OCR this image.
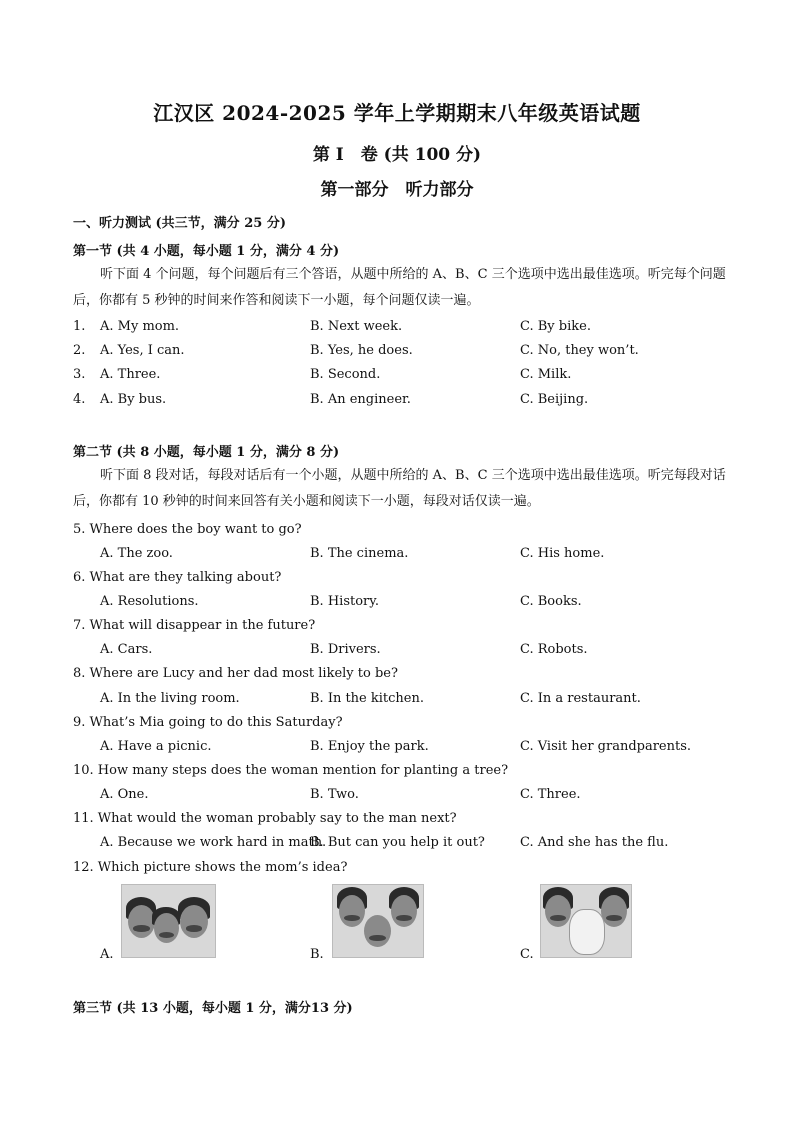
江汉区 2024-2025 学年上学期期末八年级英语试题
第 I　卷 (共 100 分)
第一部分　听力部分
一、听力测试 (共三节，满分 25 分)
第一节 (共 4 小题，每小题 1 分，满分 4 分)
听下面 4 个问题，每个问题后有三个答语，从题中所给的 A、B、C 三个选项中选出最佳选项。听完每个问题后，你都有 5 秒钟的时间来作答和阅读下一小题，每个问题仅读一遍。
1. A. My mom.	B. Next week.	C. By bike.
2. A. Yes, I can.	B. Yes, he does.	C. No, they won’t.
3. A. Three.	B. Second.	C. Milk.
4. A. By bus.	B. An engineer.	C. Beijing.
第二节 (共 8 小题，每小题 1 分，满分 8 分)
听下面 8 段对话，每段对话后有一个小题，从题中所给的 A、B、C 三个选项中选出最佳选项。听完每段对话后，你都有 10 秒钟的时间来回答有关小题和阅读下一小题，每段对话仅读一遍。
5. Where does the boy want to go?
A. The zoo.	B. The cinema.	C. His home.
6. What are they talking about?
A. Resolutions.	B. History.	C. Books.
7. What will disappear in the future?
A. Cars.	B. Drivers.	C. Robots.
8. Where are Lucy and her dad most likely to be?
A. In the living room.	B. In the kitchen.	C. In a restaurant.
9. What’s Mia going to do this Saturday?
A. Have a picnic.	B. Enjoy the park.	C. Visit her grandparents.
10. How many steps does the woman mention for planting a tree?
A. One.	B. Two.	C. Three.
11. What would the woman probably say to the man next?
A. Because we work hard in math.
B. But can you help it out?	C. And she has the flu.
12. Which picture shows the mom’s idea?
A.	B.	C.
第三节 (共 13 小题，每小题 1 分，满分13 分)
